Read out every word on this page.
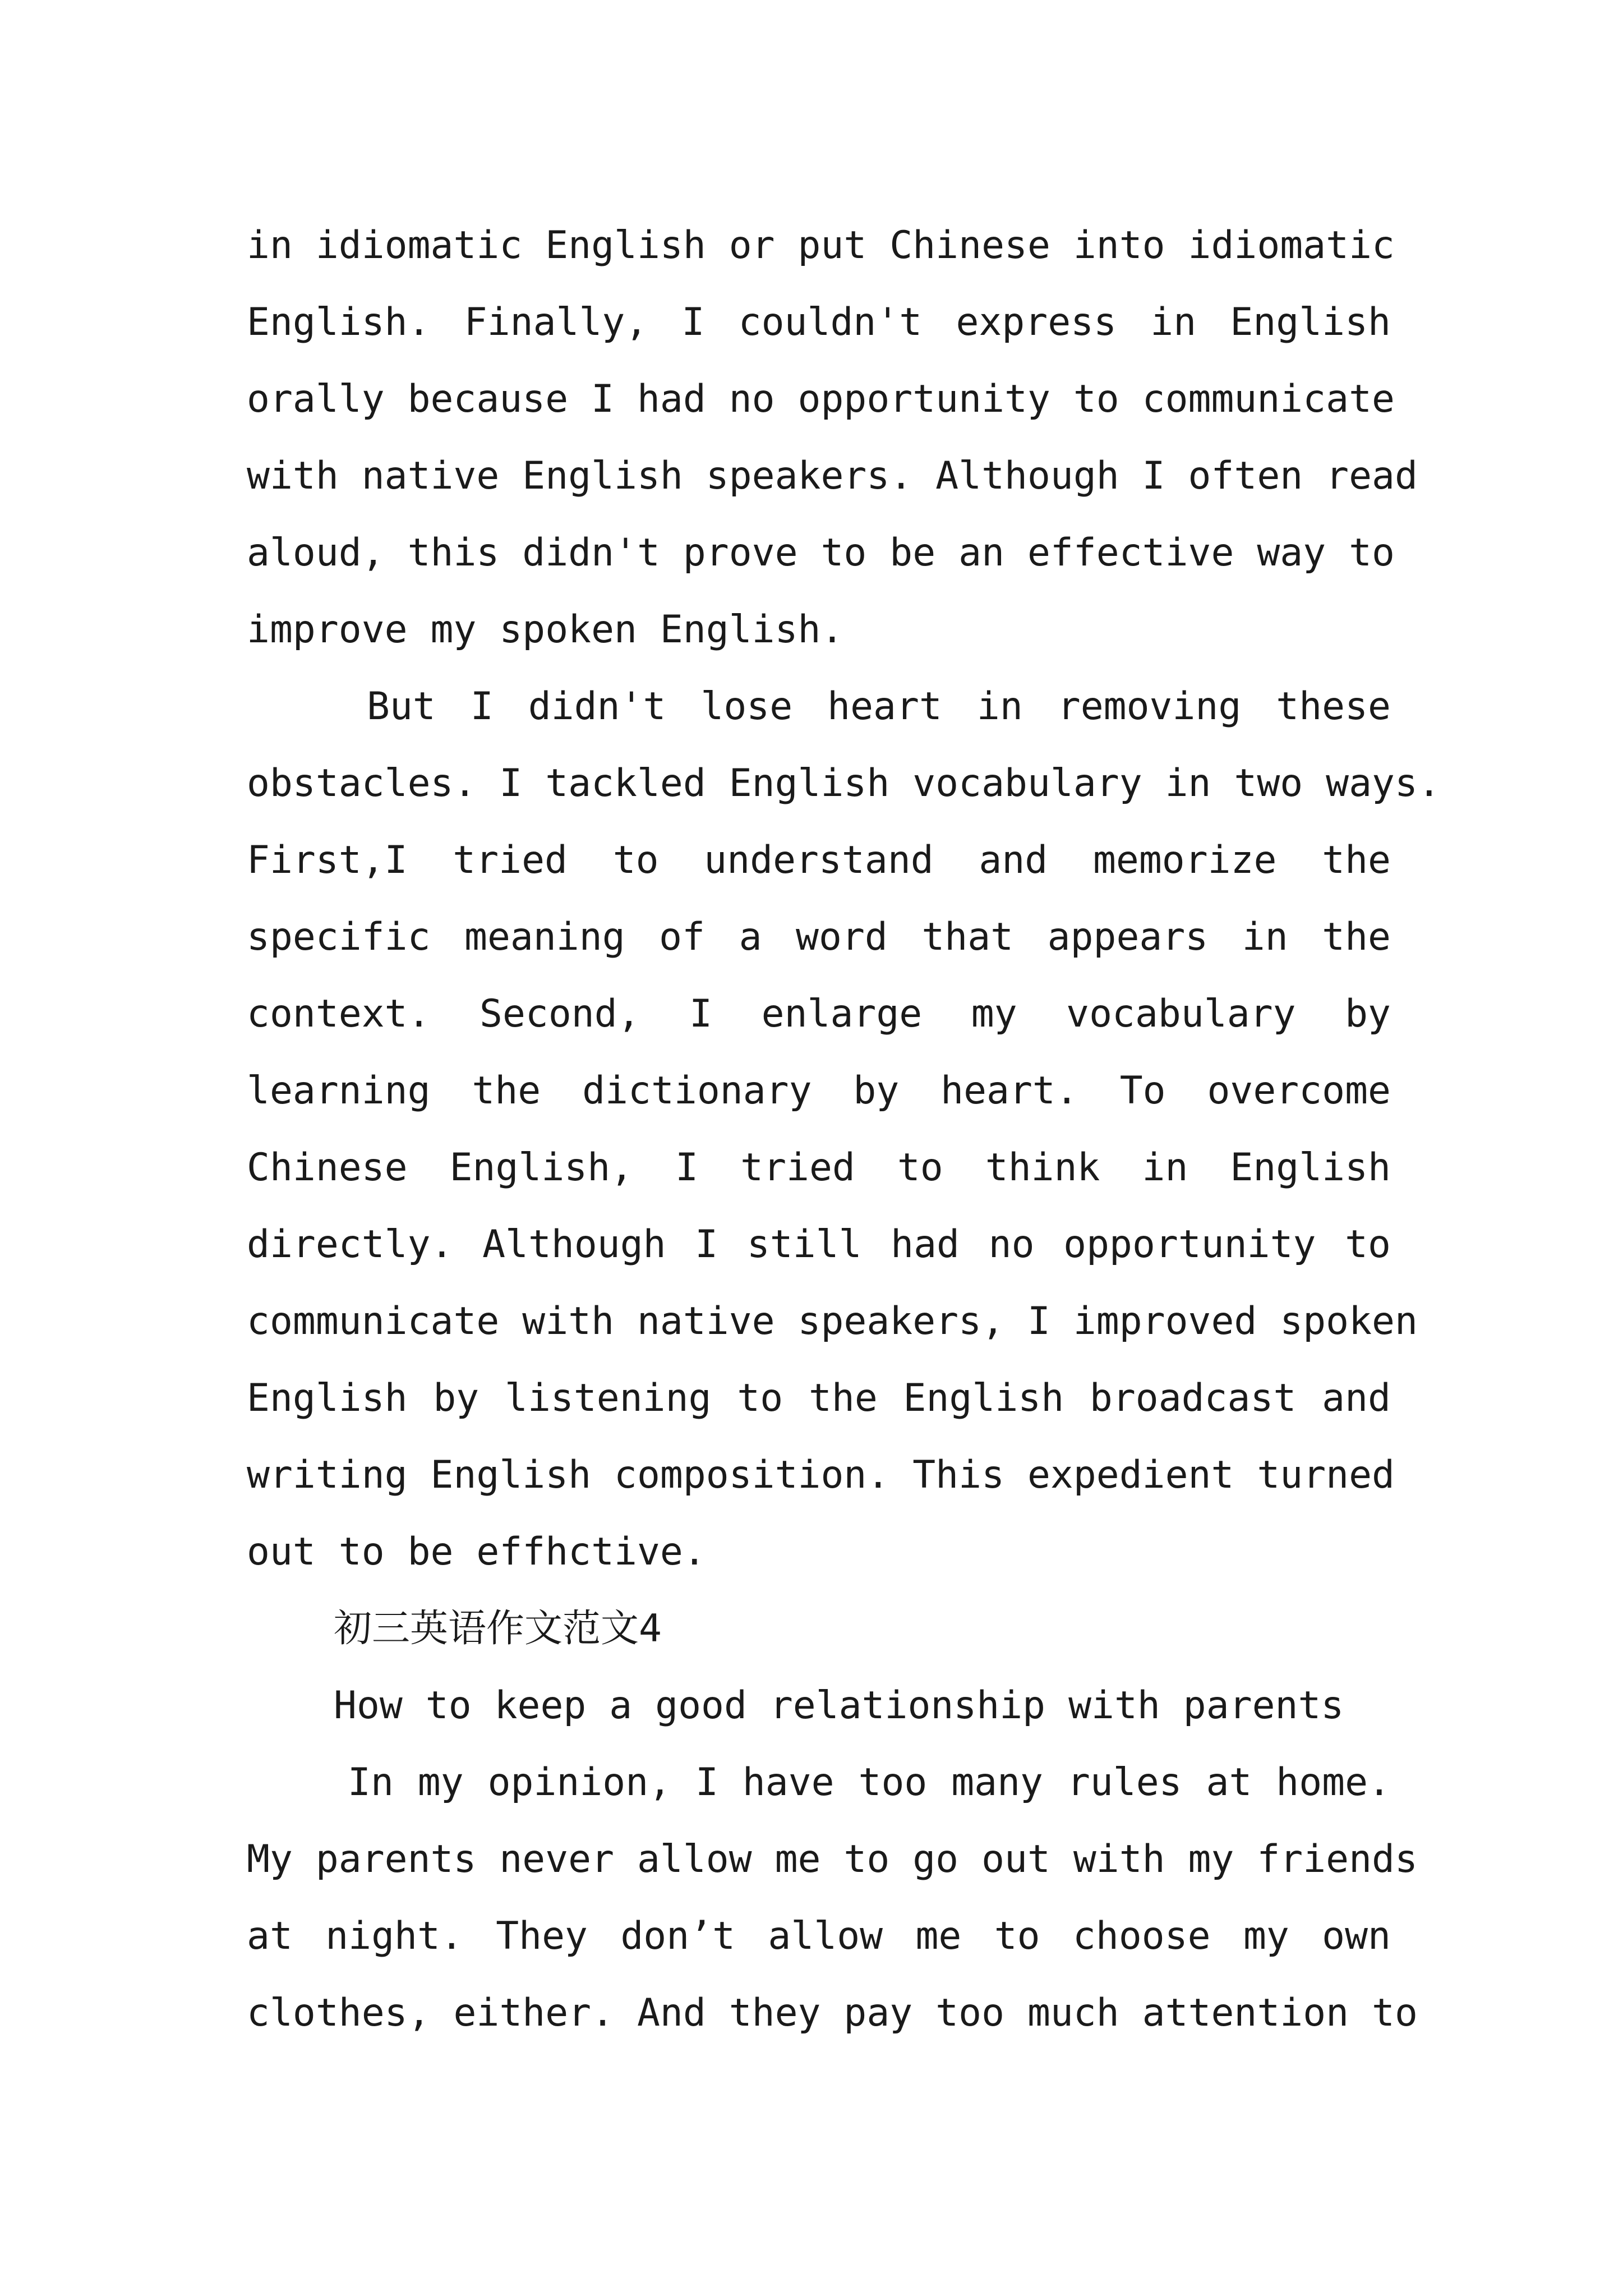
in idiomatic English or put Chinese into idiomatic
English. Finally, I couldn't express in English
orally because I had no opportunity to communicate
with native English speakers. Although I often read
aloud, this didn't prove to be an effective way to
improve my spoken English.
But I didn't lose heart in removing these
obstacles. I tackled English vocabulary in two ways.
First,I tried to understand and memorize the
specific meaning of a word that appears in the
context. Second, I enlarge my vocabulary by
learning the dictionary by heart. To overcome
Chinese English, I tried to think in English
directly. Although I still had no opportunity to
communicate with native speakers, I improved spoken
English by listening to the English broadcast and
writing English composition. This expedient turned
out to be effhctive.
初三英语作文范文4
How to keep a good relationship with parents
In my opinion, I have too many rules at home.
My parents never allow me to go out with my friends
at night. They don’t allow me to choose my own
clothes, either. And they pay too much attention to
